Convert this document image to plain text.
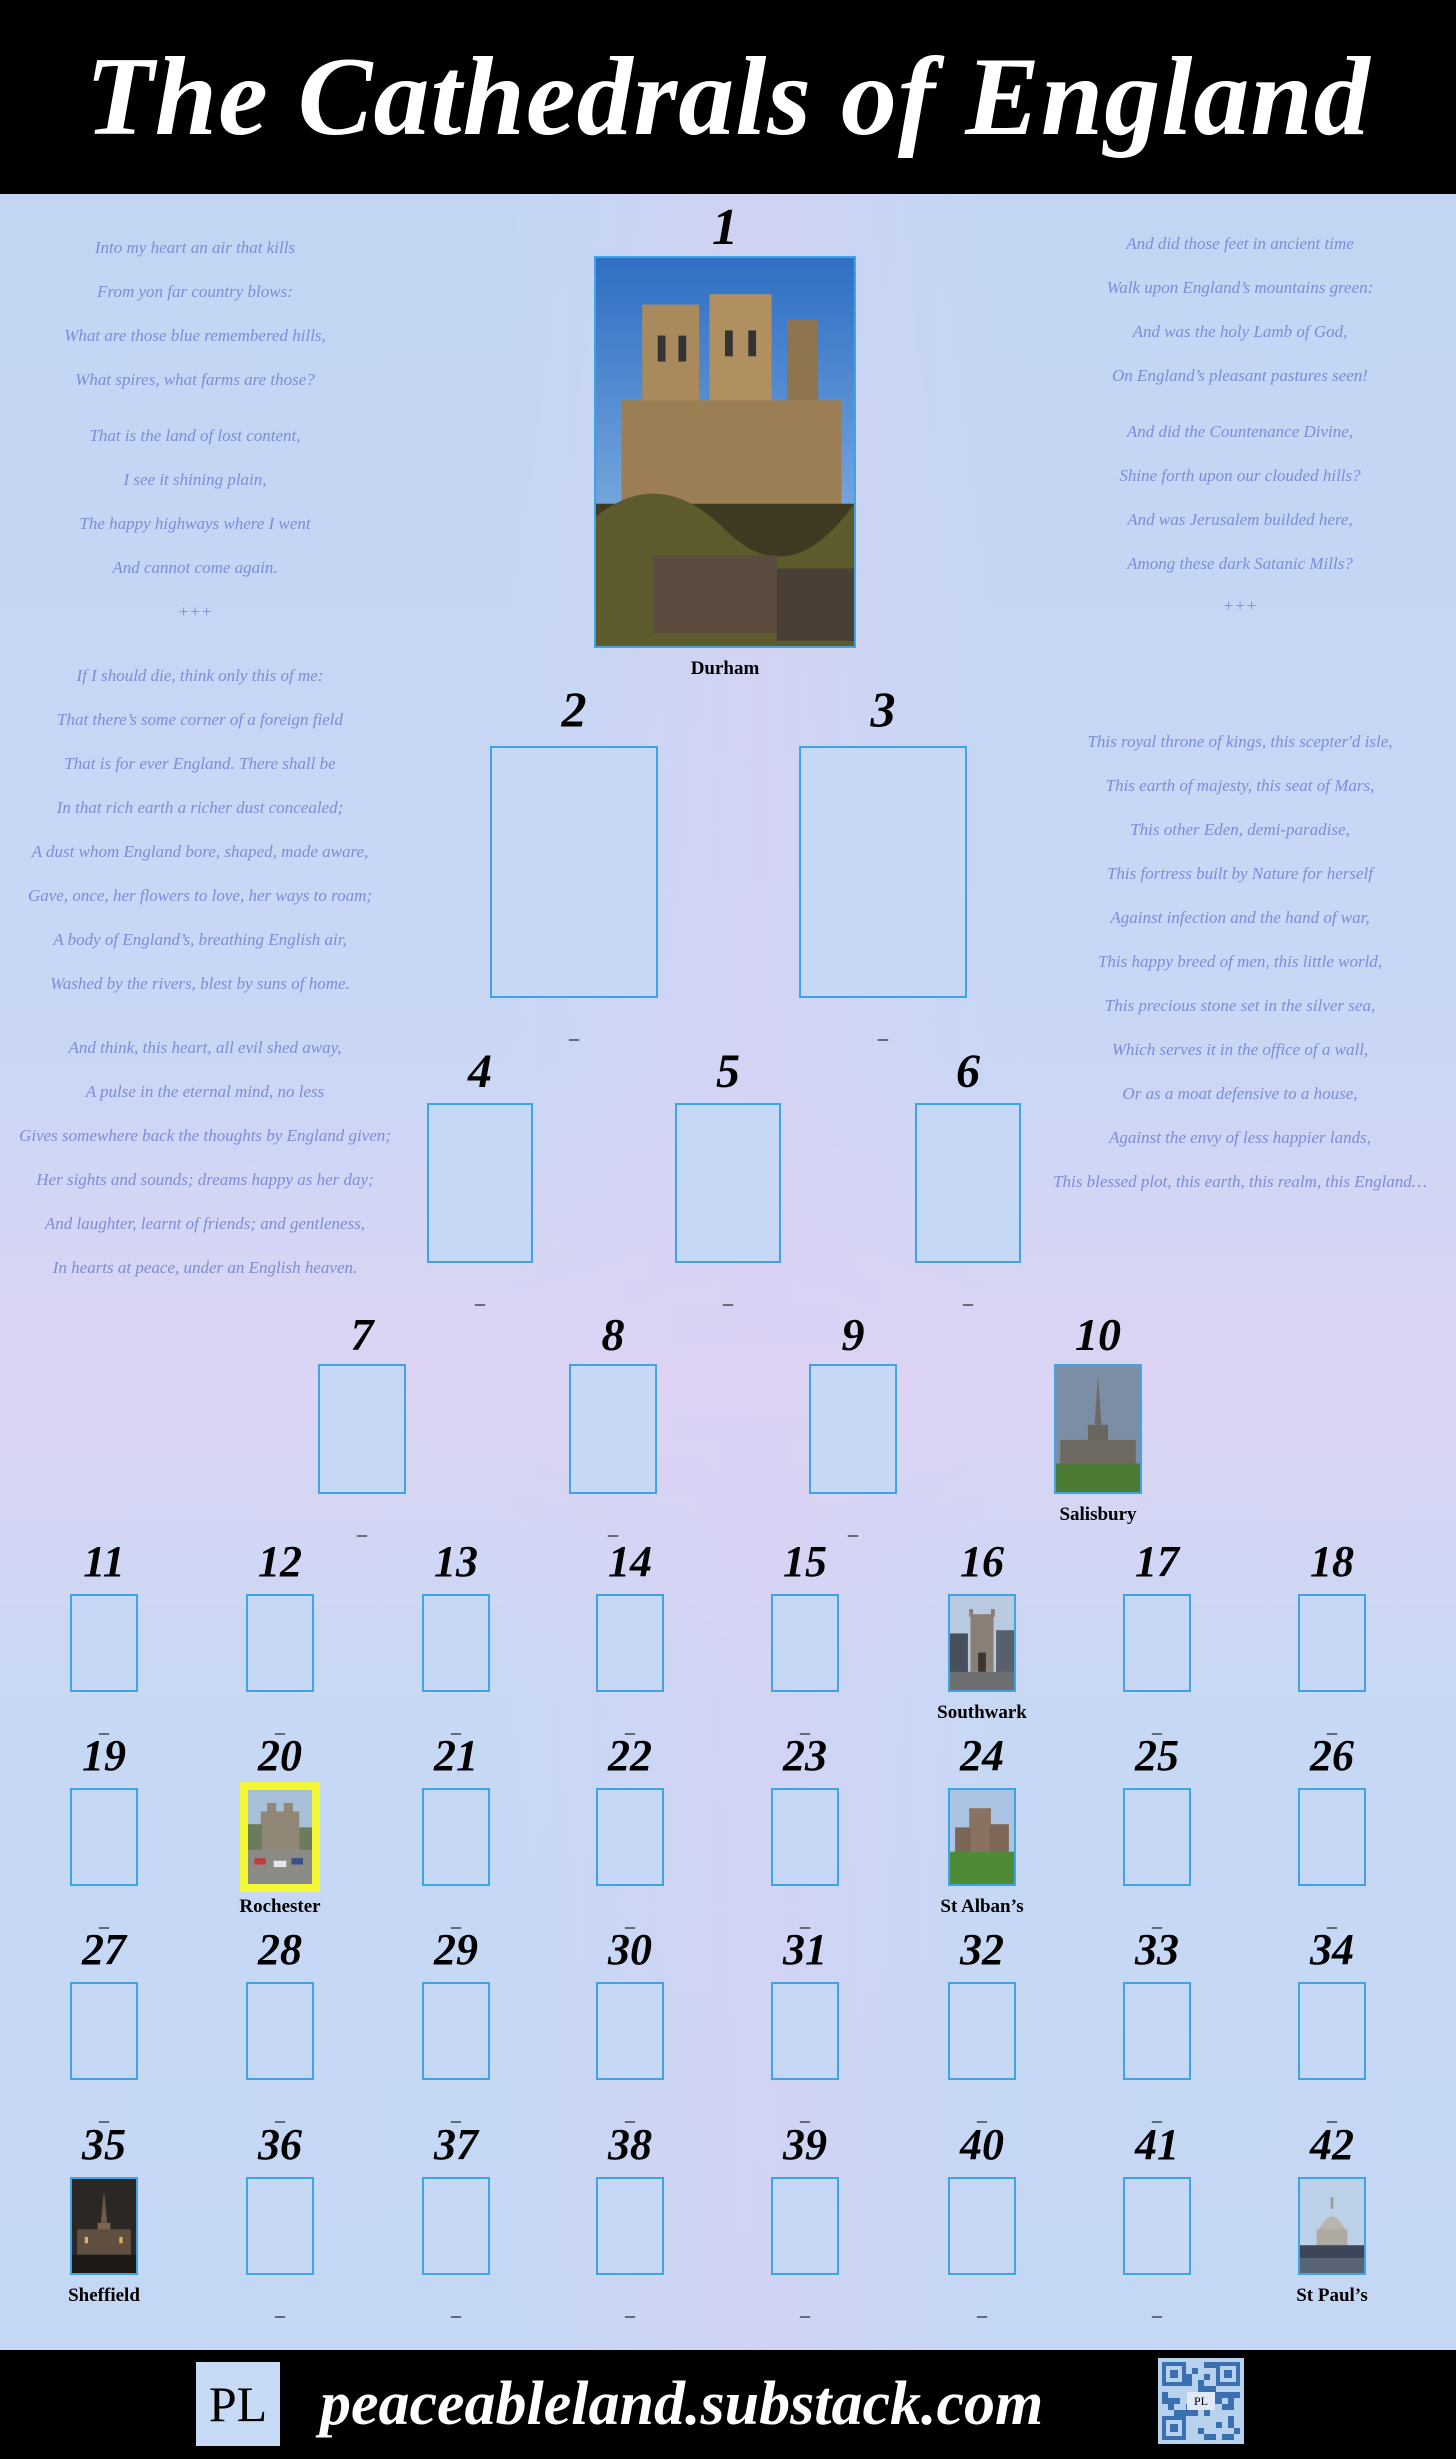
The Cathedrals of England
Into my heart an air that kills
From yon far country blows:
What are those blue remembered hills,
What spires, what farms are those?
That is the land of lost content,
I see it shining plain,
The happy highways where I went
And cannot come again.
+++
If I should die, think only this of me:
That there’s some corner of a foreign field
That is for ever England. There shall be
In that rich earth a richer dust concealed;
A dust whom England bore, shaped, made aware,
Gave, once, her flowers to love, her ways to roam;
A body of England’s, breathing English air,
Washed by the rivers, blest by suns of home.
And think, this heart, all evil shed away,
A pulse in the eternal mind, no less
Gives somewhere back the thoughts by England given;
Her sights and sounds; dreams happy as her day;
And laughter, learnt of friends; and gentleness,
In hearts at peace, under an English heaven.
And did those feet in ancient time
Walk upon England’s mountains green:
And was the holy Lamb of God,
On England’s pleasant pastures seen!
And did the Countenance Divine,
Shine forth upon our clouded hills?
And was Jerusalem builded here,
Among these dark Satanic Mills?
+++
This royal throne of kings, this scepter'd isle,
This earth of majesty, this seat of Mars,
This other Eden, demi-paradise,
This fortress built by Nature for herself
Against infection and the hand of war,
This happy breed of men, this little world,
This precious stone set in the silver sea,
Which serves it in the office of a wall,
Or as a moat defensive to a house,
Against the envy of less happier lands,
This blessed plot, this earth, this realm, this England…
1
Durham
2
_
3
_
4
_
5
_
6
_
7
_
8
_
9
_
10
Salisbury
11
_
12
_
13
_
14
_
15
_
16
Southwark
17
_
18
_
19
_
20
Rochester
21
_
22
_
23
_
24
St Alban’s
25
_
26
_
27
_
28
_
29
_
30
_
31
_
32
_
33
_
34
_
35
Sheffield
36
_
37
_
38
_
39
_
40
_
41
_
42
St Paul’s
PL peaceableland.substack.com	PL
